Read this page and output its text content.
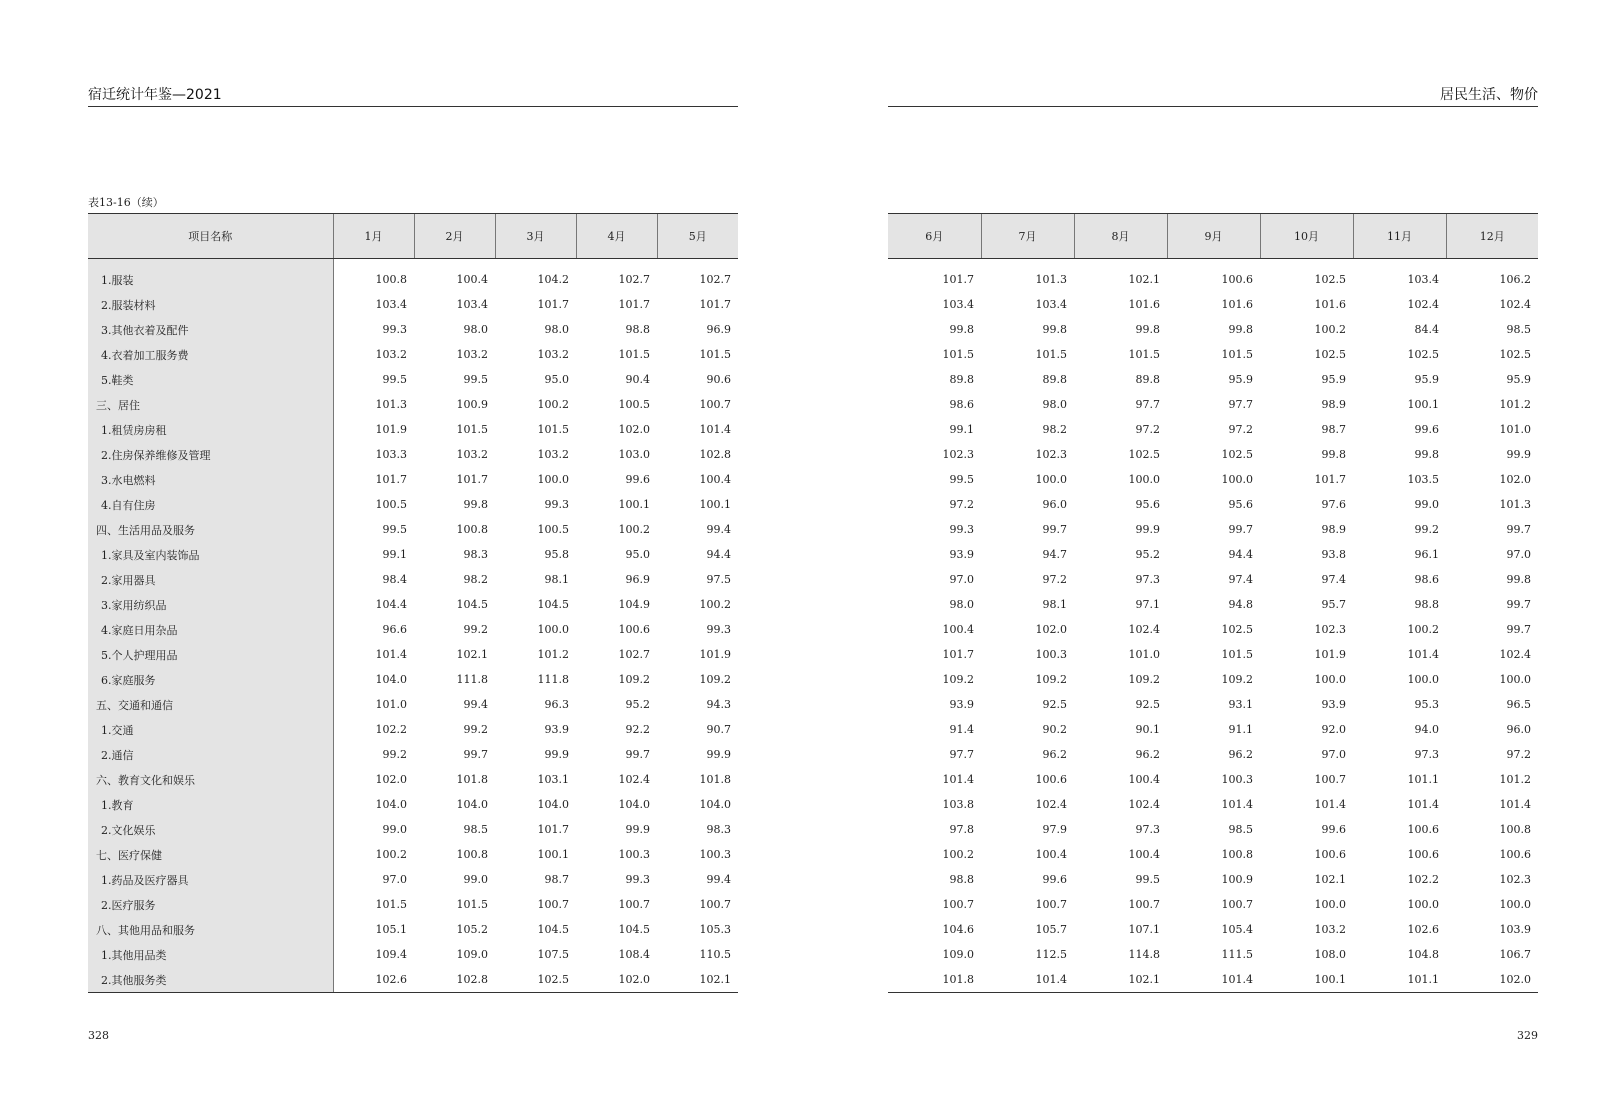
宿迁统计年鉴—2021
表13-16（续）
项目名称	1月	2月	3月	4月	5月
1.服装	100.8	100.4	104.2	102.7	102.7
2.服装材料	103.4	103.4	101.7	101.7	101.7
3.其他衣着及配件	99.3	98.0	98.0	98.8	96.9
4.衣着加工服务费	103.2	103.2	103.2	101.5	101.5
5.鞋类	99.5	99.5	95.0	90.4	90.6
三、居住	101.3	100.9	100.2	100.5	100.7
1.租赁房房租	101.9	101.5	101.5	102.0	101.4
2.住房保养维修及管理	103.3	103.2	103.2	103.0	102.8
3.水电燃料	101.7	101.7	100.0	99.6	100.4
4.自有住房	100.5	99.8	99.3	100.1	100.1
四、生活用品及服务	99.5	100.8	100.5	100.2	99.4
1.家具及室内装饰品	99.1	98.3	95.8	95.0	94.4
2.家用器具	98.4	98.2	98.1	96.9	97.5
3.家用纺织品	104.4	104.5	104.5	104.9	100.2
4.家庭日用杂品	96.6	99.2	100.0	100.6	99.3
5.个人护理用品	101.4	102.1	101.2	102.7	101.9
6.家庭服务	104.0	111.8	111.8	109.2	109.2
五、交通和通信	101.0	99.4	96.3	95.2	94.3
1.交通	102.2	99.2	93.9	92.2	90.7
2.通信	99.2	99.7	99.9	99.7	99.9
六、教育文化和娱乐	102.0	101.8	103.1	102.4	101.8
1.教育	104.0	104.0	104.0	104.0	104.0
2.文化娱乐	99.0	98.5	101.7	99.9	98.3
七、医疗保健	100.2	100.8	100.1	100.3	100.3
1.药品及医疗器具	97.0	99.0	98.7	99.3	99.4
2.医疗服务	101.5	101.5	100.7	100.7	100.7
八、其他用品和服务	105.1	105.2	104.5	104.5	105.3
1.其他用品类	109.4	109.0	107.5	108.4	110.5
2.其他服务类	102.6	102.8	102.5	102.0	102.1
328
居民生活、物价
6月	7月	8月	9月	10月	11月	12月
101.7	101.3	102.1	100.6	102.5	103.4	106.2
103.4	103.4	101.6	101.6	101.6	102.4	102.4
99.8	99.8	99.8	99.8	100.2	84.4	98.5
101.5	101.5	101.5	101.5	102.5	102.5	102.5
89.8	89.8	89.8	95.9	95.9	95.9	95.9
98.6	98.0	97.7	97.7	98.9	100.1	101.2
99.1	98.2	97.2	97.2	98.7	99.6	101.0
102.3	102.3	102.5	102.5	99.8	99.8	99.9
99.5	100.0	100.0	100.0	101.7	103.5	102.0
97.2	96.0	95.6	95.6	97.6	99.0	101.3
99.3	99.7	99.9	99.7	98.9	99.2	99.7
93.9	94.7	95.2	94.4	93.8	96.1	97.0
97.0	97.2	97.3	97.4	97.4	98.6	99.8
98.0	98.1	97.1	94.8	95.7	98.8	99.7
100.4	102.0	102.4	102.5	102.3	100.2	99.7
101.7	100.3	101.0	101.5	101.9	101.4	102.4
109.2	109.2	109.2	109.2	100.0	100.0	100.0
93.9	92.5	92.5	93.1	93.9	95.3	96.5
91.4	90.2	90.1	91.1	92.0	94.0	96.0
97.7	96.2	96.2	96.2	97.0	97.3	97.2
101.4	100.6	100.4	100.3	100.7	101.1	101.2
103.8	102.4	102.4	101.4	101.4	101.4	101.4
97.8	97.9	97.3	98.5	99.6	100.6	100.8
100.2	100.4	100.4	100.8	100.6	100.6	100.6
98.8	99.6	99.5	100.9	102.1	102.2	102.3
100.7	100.7	100.7	100.7	100.0	100.0	100.0
104.6	105.7	107.1	105.4	103.2	102.6	103.9
109.0	112.5	114.8	111.5	108.0	104.8	106.7
101.8	101.4	102.1	101.4	100.1	101.1	102.0
329
